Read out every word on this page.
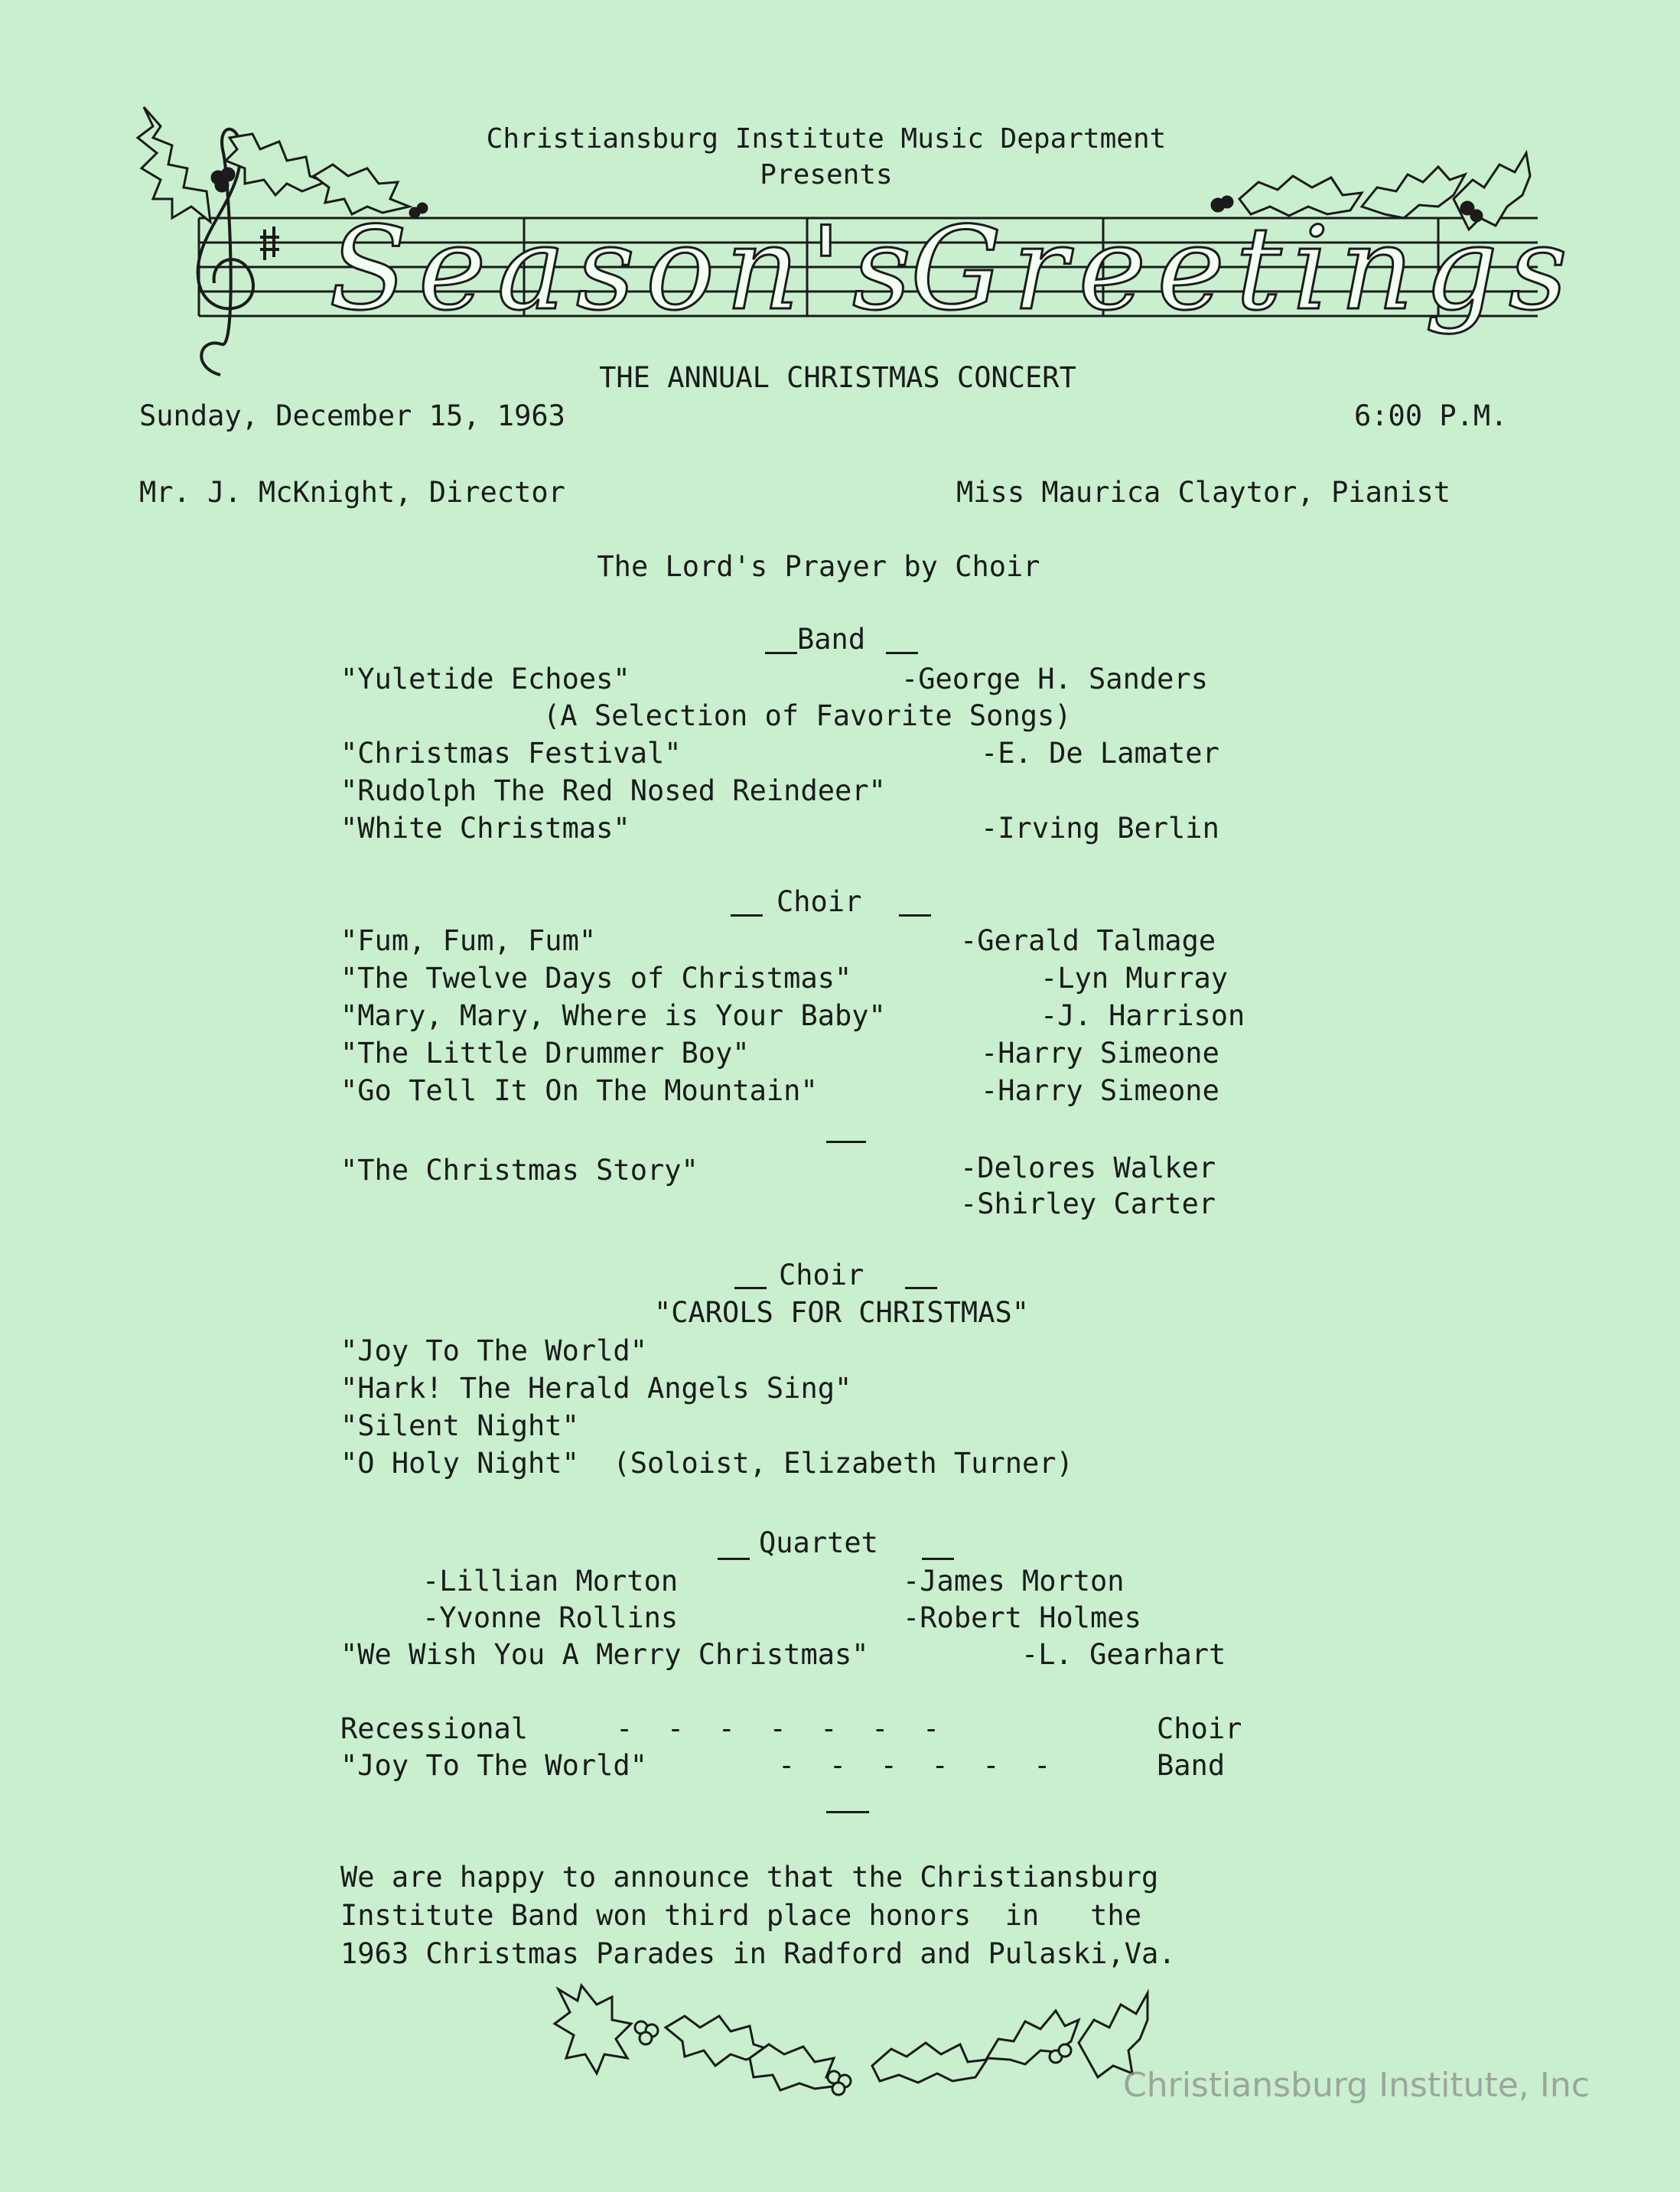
Christiansburg Institute Music Department
Presents
Season's
Greetings
THE ANNUAL CHRISTMAS CONCERT
Sunday, December 15, 1963	6:00 P.M.
Mr. J. McKnight, Director	Miss Maurica Claytor, Pianist
The Lord's Prayer by Choir
Band
"Yuletide Echoes"	-George H. Sanders
(A Selection of Favorite Songs)
"Christmas Festival"	-E. De Lamater
"Rudolph The Red Nosed Reindeer"
"White Christmas"	-Irving Berlin
Choir
"Fum, Fum, Fum"	-Gerald Talmage
"The Twelve Days of Christmas"	-Lyn Murray
"Mary, Mary, Where is Your Baby"	-J. Harrison
"The Little Drummer Boy"	-Harry Simeone
"Go Tell It On The Mountain"	-Harry Simeone
"The Christmas Story"	-Delores Walker
-Shirley Carter
Choir
"CAROLS FOR CHRISTMAS"
"Joy To The World"
"Hark! The Herald Angels Sing"
"Silent Night"
"O Holy Night"  (Soloist, Elizabeth Turner)
Quartet
-Lillian Morton	-James Morton
-Yvonne Rollins	-Robert Holmes
"We Wish You A Merry Christmas"	-L. Gearhart
Recessional	-  -  -  -  -  -  -	Choir
"Joy To The World"	-  -  -  -  -  -	Band
We are happy to announce that the Christiansburg
Institute Band won third place honors  in   the
1963 Christmas Parades in Radford and Pulaski,Va.
Christiansburg Institute, Inc
